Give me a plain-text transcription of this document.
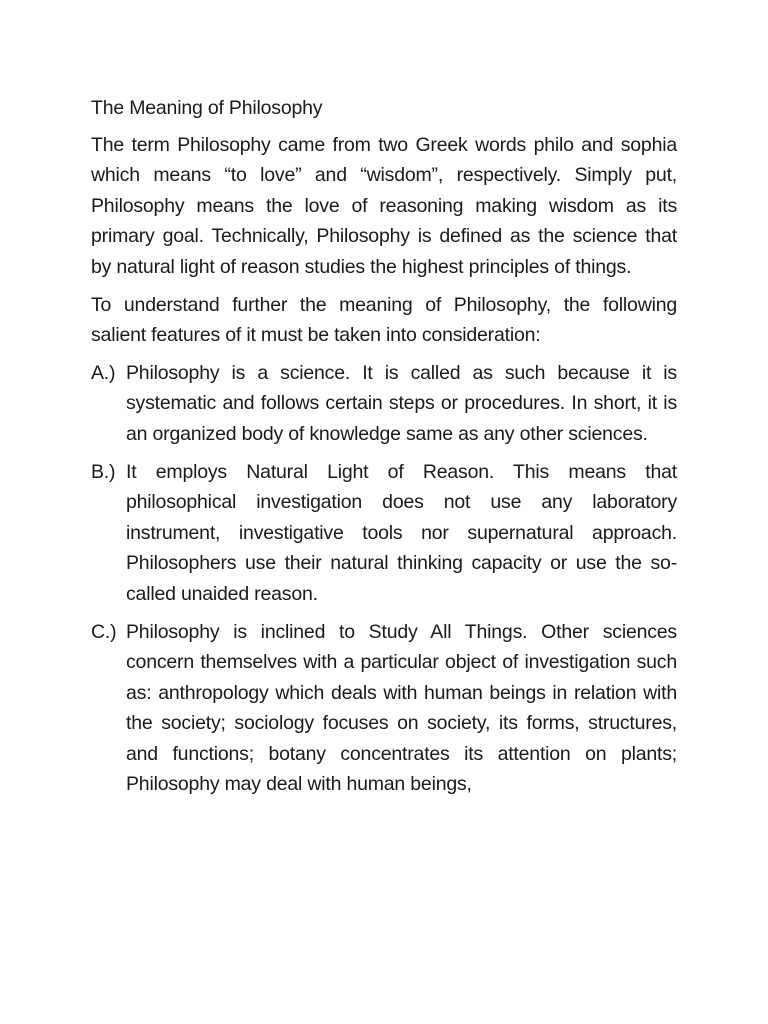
The Meaning of Philosophy

The term Philosophy came from two Greek words philo and sophia which means “to love” and “wisdom”, respectively. Simply put, Philosophy means the love of reasoning making wisdom as its primary goal. Technically, Philosophy is defined as the science that by natural light of reason studies the highest principles of things.

To understand further the meaning of Philosophy, the following salient features of it must be taken into consideration:

A.) Philosophy is a science. It is called as such because it is systematic and follows certain steps or procedures. In short, it is an organized body of knowledge same as any other sciences.
B.) It employs Natural Light of Reason. This means that philosophical investigation does not use any laboratory instrument, investigative tools nor supernatural approach. Philosophers use their natural thinking capacity or use the so-called unaided reason.
C.) Philosophy is inclined to Study All Things. Other sciences concern themselves with a particular object of investigation such as: anthropology which deals with human beings in relation with the society; sociology focuses on society, its forms, structures, and functions; botany concentrates its attention on plants; Philosophy may deal with human beings,
